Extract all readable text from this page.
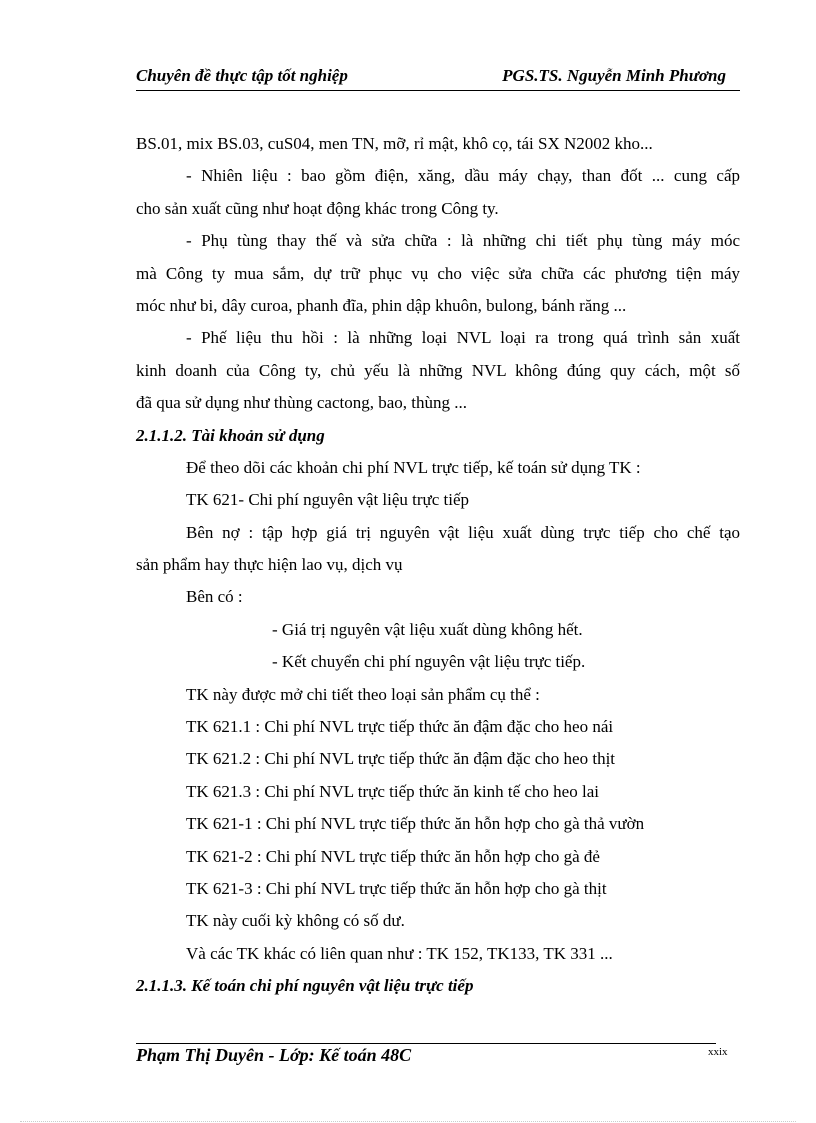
Chuyên đề thực tập tốt nghiệp	PGS.TS. Nguyễn Minh Phương
BS.01, mix BS.03, cuS04, men TN, mỡ, rỉ mật, khô cọ, tái SX N2002 kho...
- Nhiên liệu : bao gồm điện, xăng, dầu máy chạy, than đốt ... cung cấp
cho sản xuất cũng như hoạt động khác trong Công ty.
- Phụ tùng thay thế và sửa chữa : là những chi tiết phụ tùng máy móc
mà Công ty mua sắm, dự trữ phục vụ cho việc sửa chữa các phương tiện máy
móc như bi, dây curoa, phanh đĩa, phin dập khuôn, bulong, bánh răng ...
- Phế liệu thu hồi : là những loại NVL loại ra trong quá trình sản xuất
kinh doanh của Công ty, chủ yếu là những NVL không đúng quy cách, một số
đã qua sử dụng như thùng cactong, bao, thùng ...
2.1.1.2. Tài khoản sử dụng
Để theo dõi các khoản chi phí NVL trực tiếp, kế toán sử dụng TK :
TK 621- Chi phí nguyên vật liệu trực tiếp
Bên nợ : tập hợp giá trị nguyên vật liệu xuất dùng trực tiếp cho chế tạo
sản phẩm hay thực hiện lao vụ, dịch vụ
Bên có :
- Giá trị nguyên vật liệu xuất dùng không hết.
- Kết chuyển chi phí nguyên vật liệu trực tiếp.
TK này được mở chi tiết theo loại sản phẩm cụ thể :
TK 621.1 : Chi phí NVL trực tiếp thức ăn đậm đặc cho heo nái
TK 621.2 : Chi phí NVL trực tiếp thức ăn đậm đặc cho heo thịt
TK 621.3 : Chi phí NVL trực tiếp thức ăn kinh tế cho heo lai
TK 621-1 : Chi phí NVL trực tiếp thức ăn hỗn hợp cho gà thả vườn
TK 621-2 : Chi phí NVL trực tiếp thức ăn hỗn hợp cho gà đẻ
TK 621-3 : Chi phí NVL trực tiếp thức ăn hỗn hợp cho gà thịt
TK này cuối kỳ không có số dư.
Và các TK khác có liên quan như : TK 152, TK133, TK 331 ...
2.1.1.3. Kế toán chi phí nguyên vật liệu trực tiếp
Phạm Thị Duyên - Lớp: Kế toán 48C	xxix
